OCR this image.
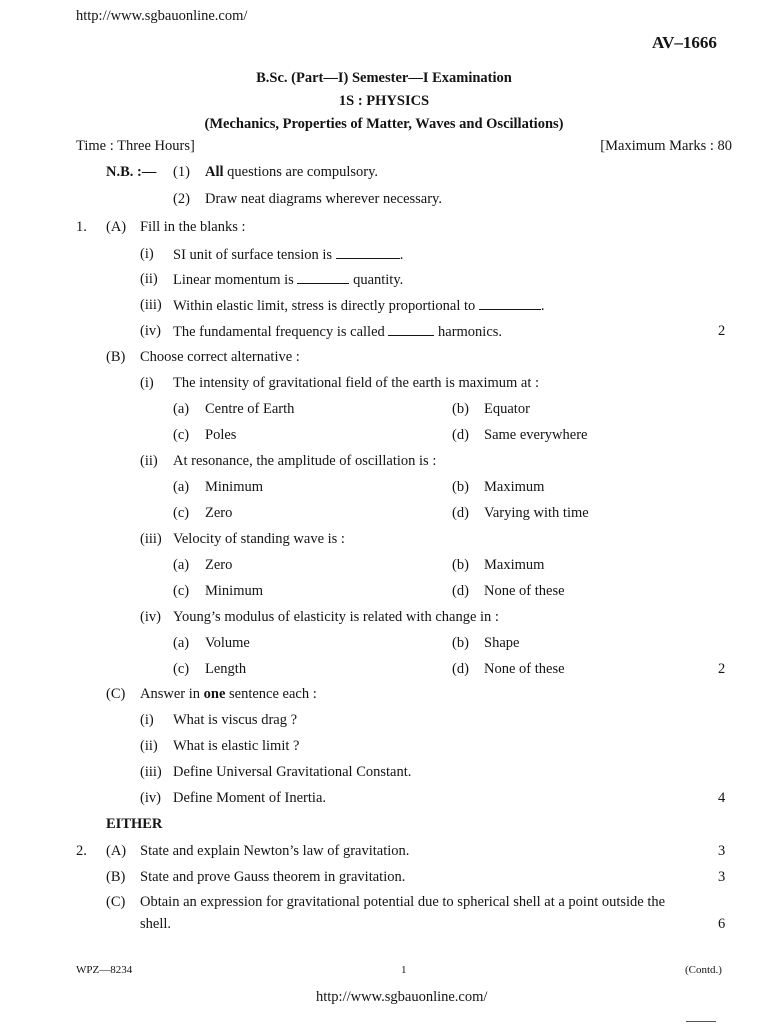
http://www.sgbauonline.com/
AV–1666
B.Sc. (Part—I) Semester—I Examination
1S : PHYSICS
(Mechanics, Properties of Matter, Waves and Oscillations)
Time : Three Hours]	[Maximum Marks : 80
N.B. :— (1) All questions are compulsory.
(2) Draw neat diagrams wherever necessary.
1. (A) Fill in the blanks :
(i) SI unit of surface tension is	.
(ii) Linear momentum is	quantity.
(iii) Within elastic limit, stress is directly proportional to	.
(iv) The fundamental frequency is called	harmonics.	2
(B) Choose correct alternative :
(i) The intensity of gravitational field of the earth is maximum at :
(a) Centre of Earth	(b) Equator
(c) Poles	(d) Same everywhere
(ii) At resonance, the amplitude of oscillation is :
(a) Minimum	(b) Maximum
(c) Zero	(d) Varying with time
(iii) Velocity of standing wave is :
(a) Zero	(b) Maximum
(c) Minimum	(d) None of these
(iv) Young’s modulus of elasticity is related with change in :
(a) Volume	(b) Shape
(c) Length	(d) None of these	2
(C) Answer in one sentence each :
(i) What is viscus drag ?
(ii) What is elastic limit ?
(iii) Define Universal Gravitational Constant.
(iv) Define Moment of Inertia.	4
EITHER
2. (A) State and explain Newton’s law of gravitation.	3
(B) State and prove Gauss theorem in gravitation.	3
(C) Obtain an expression for gravitational potential due to spherical shell at a point outside the
shell.	6
WPZ—8234	1	(Contd.)
http://www.sgbauonline.com/
